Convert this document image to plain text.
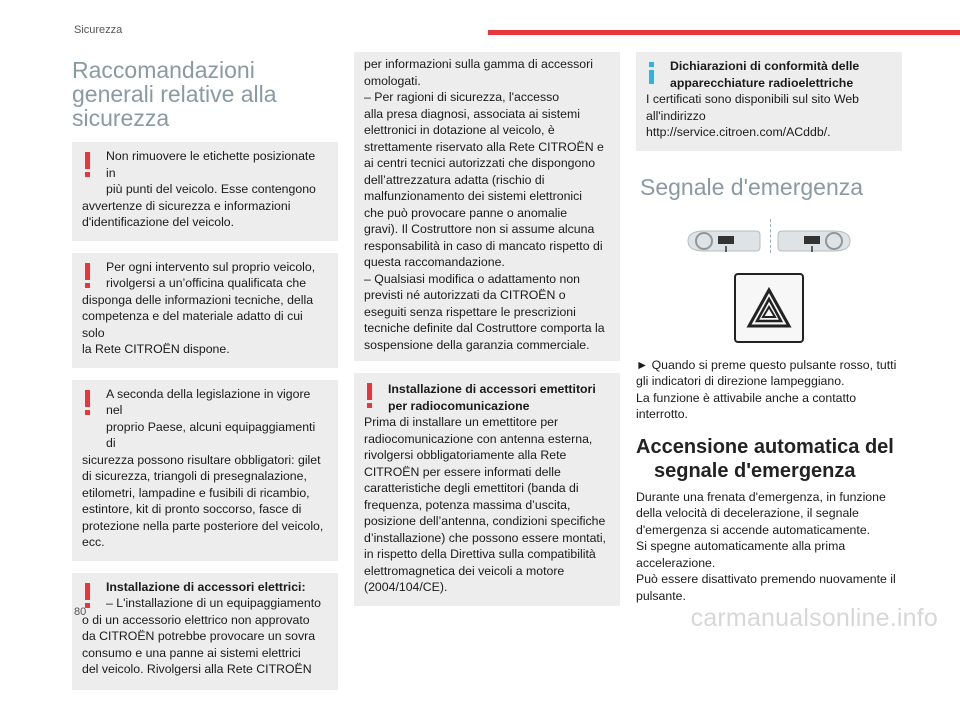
Sicurezza
Raccomandazioni
generali relative alla
sicurezza

Non rimuovere le etichette posizionate in
più punti del veicolo. Esse contengono

avvertenze di sicurezza e informazioni
d'identificazione del veicolo.

Per ogni intervento sul proprio veicolo,
rivolgersi a un’officina qualificata che

disponga delle informazioni tecniche, della
competenza e del materiale adatto di cui solo
la Rete CITROËN dispone.

A seconda della legislazione in vigore nel
proprio Paese, alcuni equipaggiamenti di

sicurezza possono risultare obbligatori: gilet
di sicurezza, triangoli di presegnalazione,
etilometri, lampadine e fusibili di ricambio,
estintore, kit di pronto soccorso, fasce di
protezione nella parte posteriore del veicolo,
ecc.

Installazione di accessori elettrici:

– L'installazione di un equipaggiamento

o di un accessorio elettrico non approvato
da CITROËN potrebbe provocare un sovra
consumo e una panne ai sistemi elettrici
del veicolo. Rivolgersi alla Rete CITROËN

per informazioni sulla gamma di accessori
omologati.
– Per ragioni di sicurezza, l'accesso
alla presa diagnosi, associata ai sistemi
elettronici in dotazione al veicolo, è
strettamente riservato alla Rete CITROËN e
ai centri tecnici autorizzati che dispongono
dell’attrezzatura adatta (rischio di
malfunzionamento dei sistemi elettronici
che può provocare panne o anomalie
gravi). Il Costruttore non si assume alcuna
responsabilità in caso di mancato rispetto di
questa raccomandazione.
– Qualsiasi modifica o adattamento non
previsti né autorizzati da CITROËN o
eseguiti senza rispettare le prescrizioni
tecniche definite dal Costruttore comporta la
sospensione della garanzia commerciale.

Installazione di accessori emettitori
per radiocomunicazione

Prima di installare un emettitore per
radiocomunicazione con antenna esterna,
rivolgersi obbligatoriamente alla Rete
CITROËN per essere informati delle
caratteristiche degli emettitori (banda di
frequenza, potenza massima d’uscita,
posizione dell’antenna, condizioni specifiche
d’installazione) che possono essere montati,
in rispetto della Direttiva sulla compatibilità
elettromagnetica dei veicoli a motore
(2004/104/CE).

Dichiarazioni di conformità delle
apparecchiature radioelettriche

I certificati sono disponibili sul sito Web
all'indirizzo http://service.citroen.com/ACddb/.

Segnale d'emergenza

► Quando si preme questo pulsante rosso, tutti
gli indicatori di direzione lampeggiano.
La funzione è attivabile anche a contatto
interrotto.

Accensione automatica del
segnale d'emergenza

Durante una frenata d'emergenza, in funzione
della velocità di decelerazione, il segnale
d'emergenza si accende automaticamente.
Si spegne automaticamente alla prima
accelerazione.
Può essere disattivato premendo nuovamente il
pulsante.

80	carmanualsonline.info
